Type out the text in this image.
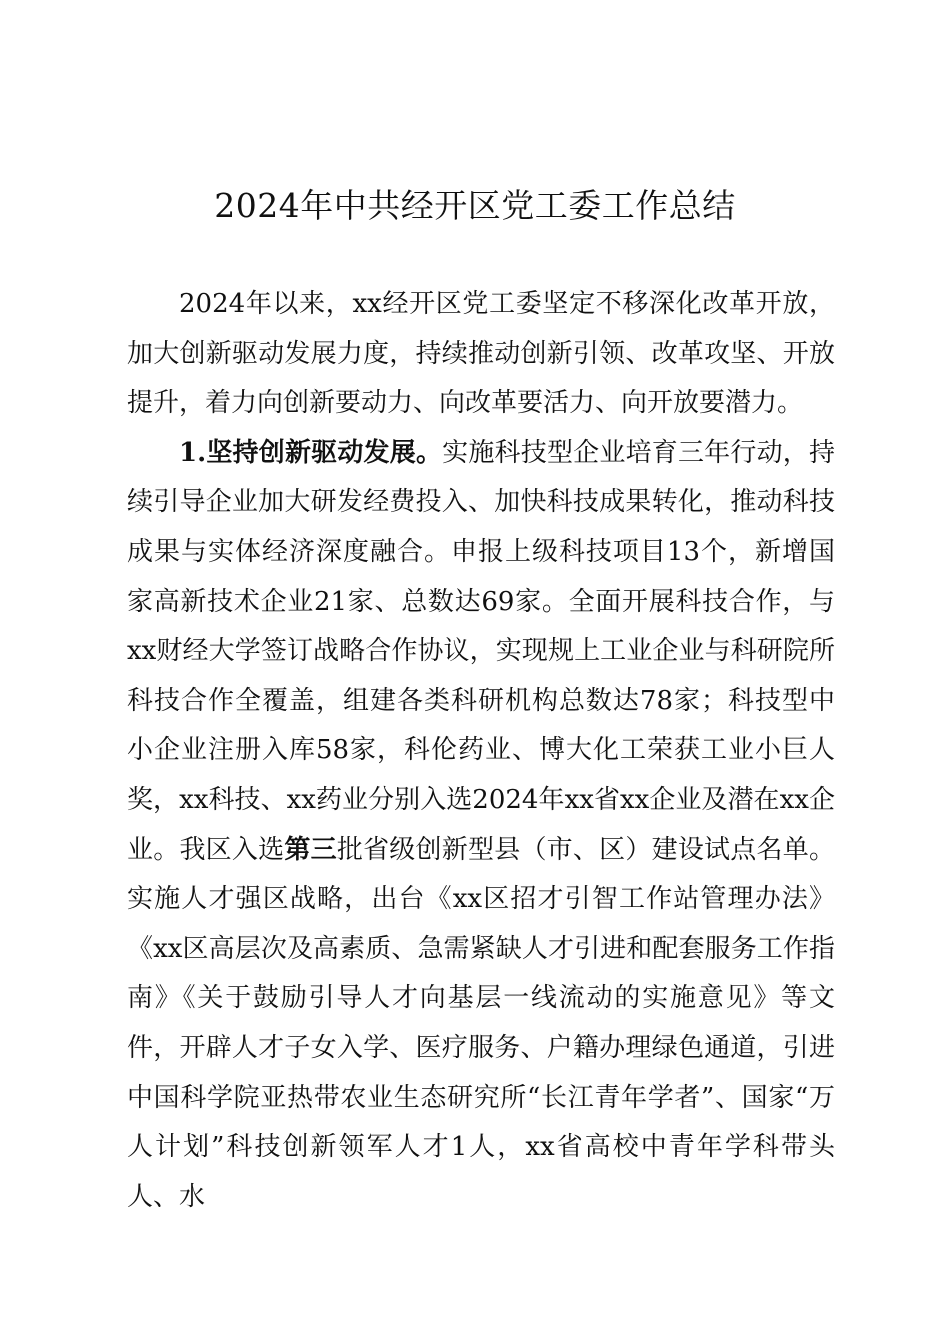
2024年中共经开区党工委工作总结

2024年以来，xx经开区党工委坚定不移深化改革开放，加大创新驱动发展力度，持续推动创新引领、改革攻坚、开放提升，着力向创新要动力、向改革要活力、向开放要潜力。

1.坚持创新驱动发展。实施科技型企业培育三年行动，持续引导企业加大研发经费投入、加快科技成果转化，推动科技成果与实体经济深度融合。申报上级科技项目13个，新增国家高新技术企业21家、总数达69家。全面开展科技合作，与xx财经大学签订战略合作协议，实现规上工业企业与科研院所科技合作全覆盖，组建各类科研机构总数达78家；科技型中小企业注册入库58家，科伦药业、博大化工荣获工业小巨人奖，xx科技、xx药业分别入选2024年xx省xx企业及潜在xx企业。我区入选第三批省级创新型县（市、区）建设试点名单。实施人才强区战略，出台《xx区招才引智工作站管理办法》《xx区高层次及高素质、急需紧缺人才引进和配套服务工作指南》《关于鼓励引导人才向基层一线流动的实施意见》等文件，开辟人才子女入学、医疗服务、户籍办理绿色通道，引进中国科学院亚热带农业生态研究所“长江青年学者”、国家“万人计划”科技创新领军人才1人，xx省高校中青年学科带头人、水
